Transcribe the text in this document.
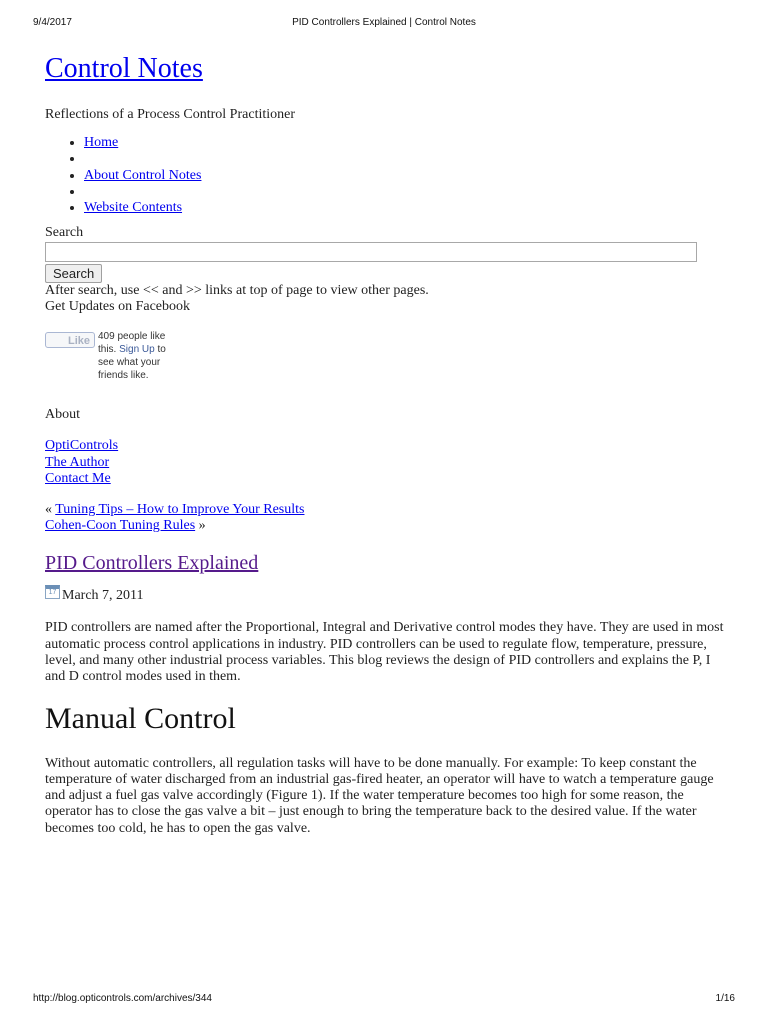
9/4/2017	PID Controllers Explained | Control Notes
Control Notes
Reflections of a Process Control Practitioner
• Home
•
• About Control Notes
•
• Website Contents
Search
Search
After search, use << and >> links at top of page to view other pages.
Get Updates on Facebook
Like 409 people like this. Sign Up to see what your friends like.
About
OptiControls
The Author
Contact Me
« Tuning Tips – How to Improve Your Results
Cohen-Coon Tuning Rules »
PID Controllers Explained
17 March 7, 2011
PID controllers are named after the Proportional, Integral and Derivative control modes they have. They are used in most automatic process control applications in industry. PID controllers can be used to regulate flow, temperature, pressure, level, and many other industrial process variables. This blog reviews the design of PID controllers and explains the P, I and D control modes used in them.
Manual Control
Without automatic controllers, all regulation tasks will have to be done manually. For example: To keep constant the temperature of water discharged from an industrial gas-fired heater, an operator will have to watch a temperature gauge and adjust a fuel gas valve accordingly (Figure 1). If the water temperature becomes too high for some reason, the operator has to close the gas valve a bit – just enough to bring the temperature back to the desired value. If the water becomes too cold, he has to open the gas valve.
http://blog.opticontrols.com/archives/344	1/16
